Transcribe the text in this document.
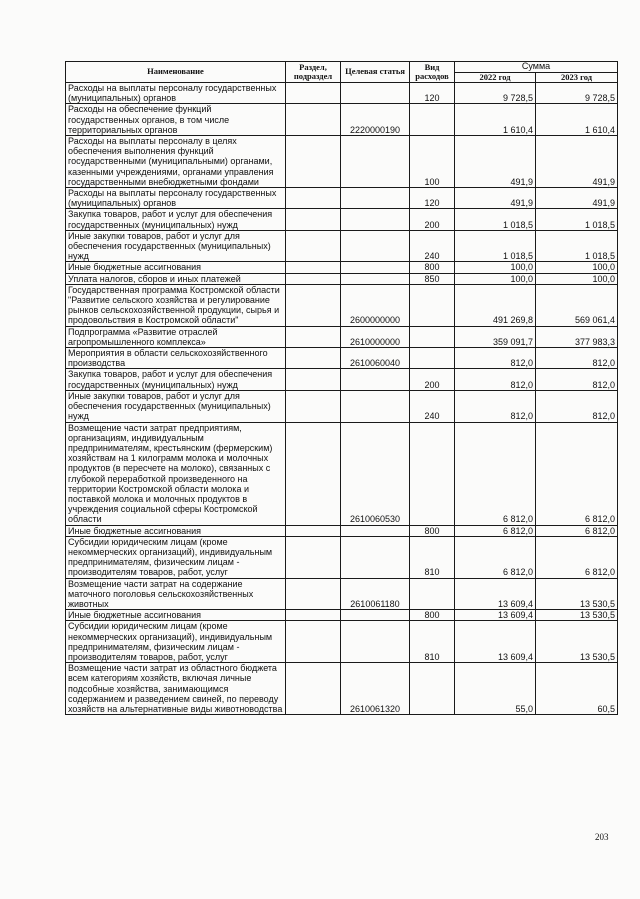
Наименование	Раздел, подраздел	Целевая статья	Вид расходов	Сумма	
				2022 год	2023 год
Расходы на выплаты персоналу государственных (муниципальных) органов			120	9 728,5	9 728,5
Расходы на обеспечение функций государственных органов, в том числе территориальных органов		2220000190		1 610,4	1 610,4
Расходы на выплаты персоналу в целях обеспечения выполнения функций государственными (муниципальными) органами, казенными учреждениями, органами управления государственными внебюджетными фондами			100	491,9	491,9
Расходы на выплаты персоналу государственных (муниципальных) органов			120	491,9	491,9
Закупка товаров, работ и услуг для обеспечения государственных (муниципальных) нужд			200	1 018,5	1 018,5
Иные закупки товаров, работ и услуг для обеспечения государственных (муниципальных) нужд			240	1 018,5	1 018,5
Иные бюджетные ассигнования			800	100,0	100,0
Уплата налогов, сборов и иных платежей			850	100,0	100,0
Государственная программа Костромской области "Развитие сельского хозяйства и регулирование рынков сельскохозяйственной продукции, сырья и продовольствия в Костромской области"		2600000000		491 269,8	569 061,4
Подпрограмма «Развитие отраслей агропромышленного комплекса»		2610000000		359 091,7	377 983,3
Мероприятия в области сельскохозяйственного производства		2610060040		812,0	812,0
Закупка товаров, работ и услуг для обеспечения государственных (муниципальных) нужд			200	812,0	812,0
Иные закупки товаров, работ и услуг для обеспечения государственных (муниципальных) нужд			240	812,0	812,0
Возмещение части затрат предприятиям, организациям, индивидуальным предпринимателям, крестьянским (фермерским) хозяйствам на 1 килограмм молока и молочных продуктов (в пересчете на молоко), связанных с глубокой переработкой произведенного на территории Костромской области молока и поставкой молока и молочных продуктов в учреждения социальной сферы Костромской области		2610060530		6 812,0	6 812,0
Иные бюджетные ассигнования			800	6 812,0	6 812,0
Субсидии юридическим лицам (кроме некоммерческих организаций), индивидуальным предпринимателям, физическим лицам - производителям товаров, работ, услуг			810	6 812,0	6 812,0
Возмещение части затрат на содержание маточного поголовья сельскохозяйственных животных		2610061180		13 609,4	13 530,5
Иные бюджетные ассигнования			800	13 609,4	13 530,5
Субсидии юридическим лицам (кроме некоммерческих организаций), индивидуальным предпринимателям, физическим лицам - производителям товаров, работ, услуг			810	13 609,4	13 530,5
Возмещение части затрат из областного бюджета всем категориям хозяйств, включая личные подсобные хозяйства, занимающимся содержанием и разведением свиней, по переводу хозяйств на альтернативные виды животноводства		2610061320		55,0	60,5
203
